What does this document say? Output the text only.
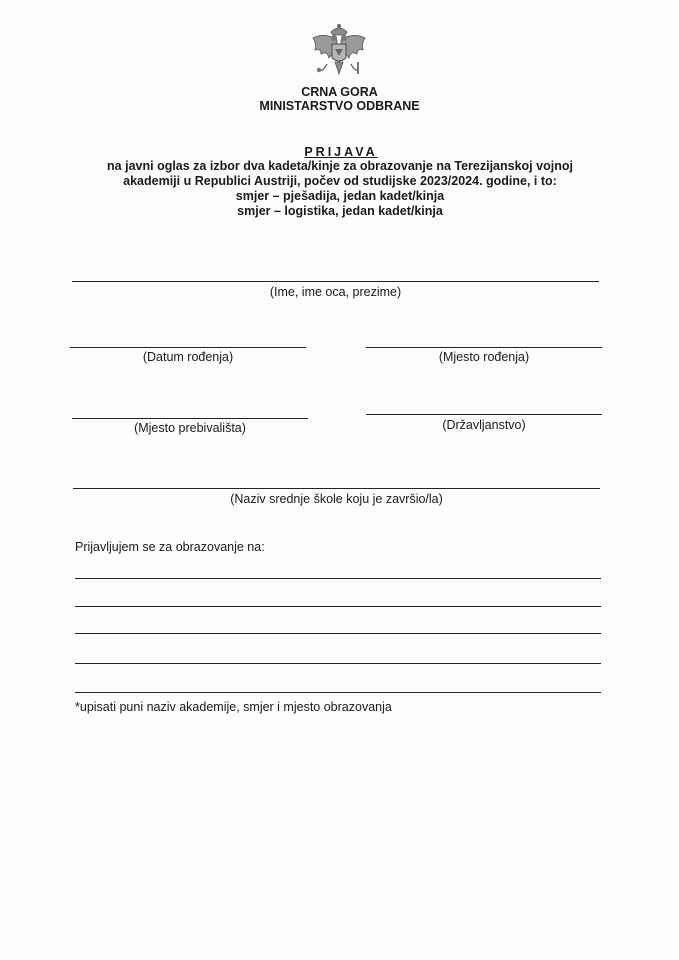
CRNA GORA
MINISTARSTVO ODBRANE
PRIJAVA
na javni oglas za izbor dva kadeta/kinje za obrazovanje na Terezijanskoj vojnoj
akademiji u Republici Austriji, počev od studijske 2023/2024. godine, i to:
smjer – pješadija, jedan kadet/kinja
smjer – logistika, jedan kadet/kinja
(Ime, ime oca, prezime)
(Datum rođenja)	(Mjesto rođenja)
(Mjesto prebivališta)	(Državljanstvo)
(Naziv srednje škole koju je završio/la)
Prijavljujem se za obrazovanje na:
*upisati puni naziv akademije, smjer i mjesto obrazovanja
